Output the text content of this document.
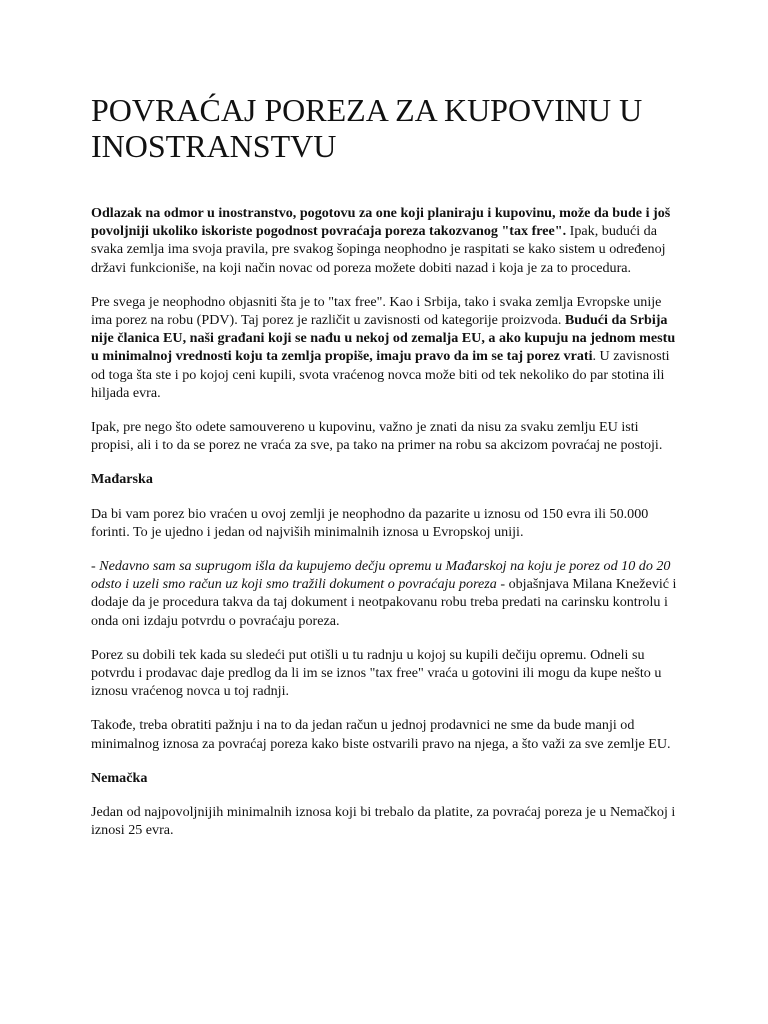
POVRAĆAJ POREZA ZA KUPOVINU U INOSTRANSTVU

Odlazak na odmor u inostranstvo, pogotovu za one koji planiraju i kupovinu, može da bude i još povoljniji ukoliko iskoriste pogodnost povraćaja poreza takozvanog "tax free". Ipak, budući da svaka zemlja ima svoja pravila, pre svakog šopinga neophodno je raspitati se kako sistem u određenoj državi funkcioniše, na koji način novac od poreza možete dobiti nazad i koja je za to procedura.

Pre svega je neophodno objasniti šta je to "tax free". Kao i Srbija, tako i svaka zemlja Evropske unije ima porez na robu (PDV). Taj porez je različit u zavisnosti od kategorije proizvoda. Budući da Srbija nije članica EU, naši građani koji se nađu u nekoj od zemalja EU, a ako kupuju na jednom mestu u minimalnoj vrednosti koju ta zemlja propiše, imaju pravo da im se taj porez vrati. U zavisnosti od toga šta ste i po kojoj ceni kupili, svota vraćenog novca može biti od tek nekoliko do par stotina ili hiljada evra.

Ipak, pre nego što odete samouvereno u kupovinu, važno je znati da nisu za svaku zemlju EU isti propisi, ali i to da se porez ne vraća za sve, pa tako na primer na robu sa akcizom povraćaj ne postoji.

Mađarska

Da bi vam porez bio vraćen u ovoj zemlji je neophodno da pazarite u iznosu od 150 evra ili 50.000 forinti. To je ujedno i jedan od najviših minimalnih iznosa u Evropskoj uniji.

- Nedavno sam sa suprugom išla da kupujemo dečju opremu u Mađarskoj na koju je porez od 10 do 20 odsto i uzeli smo račun uz koji smo tražili dokument o povraćaju poreza - objašnjava Milana Knežević i dodaje da je procedura takva da taj dokument i neotpakovanu robu treba predati na carinsku kontrolu i onda oni izdaju potvrdu o povraćaju poreza.

Porez su dobili tek kada su sledeći put otišli u tu radnju u kojoj su kupili dečiju opremu. Odneli su potvrdu i prodavac daje predlog da li im se iznos "tax free" vraća u gotovini ili mogu da kupe nešto u iznosu vraćenog novca u toj radnji.

Takođe, treba obratiti pažnju i na to da jedan račun u jednoj prodavnici ne sme da bude manji od minimalnog iznosa za povraćaj poreza kako biste ostvarili pravo na njega, a što važi za sve zemlje EU.

Nemačka

Jedan od najpovoljnijih minimalnih iznosa koji bi trebalo da platite, za povraćaj poreza je u Nemačkoj i iznosi 25 evra.
